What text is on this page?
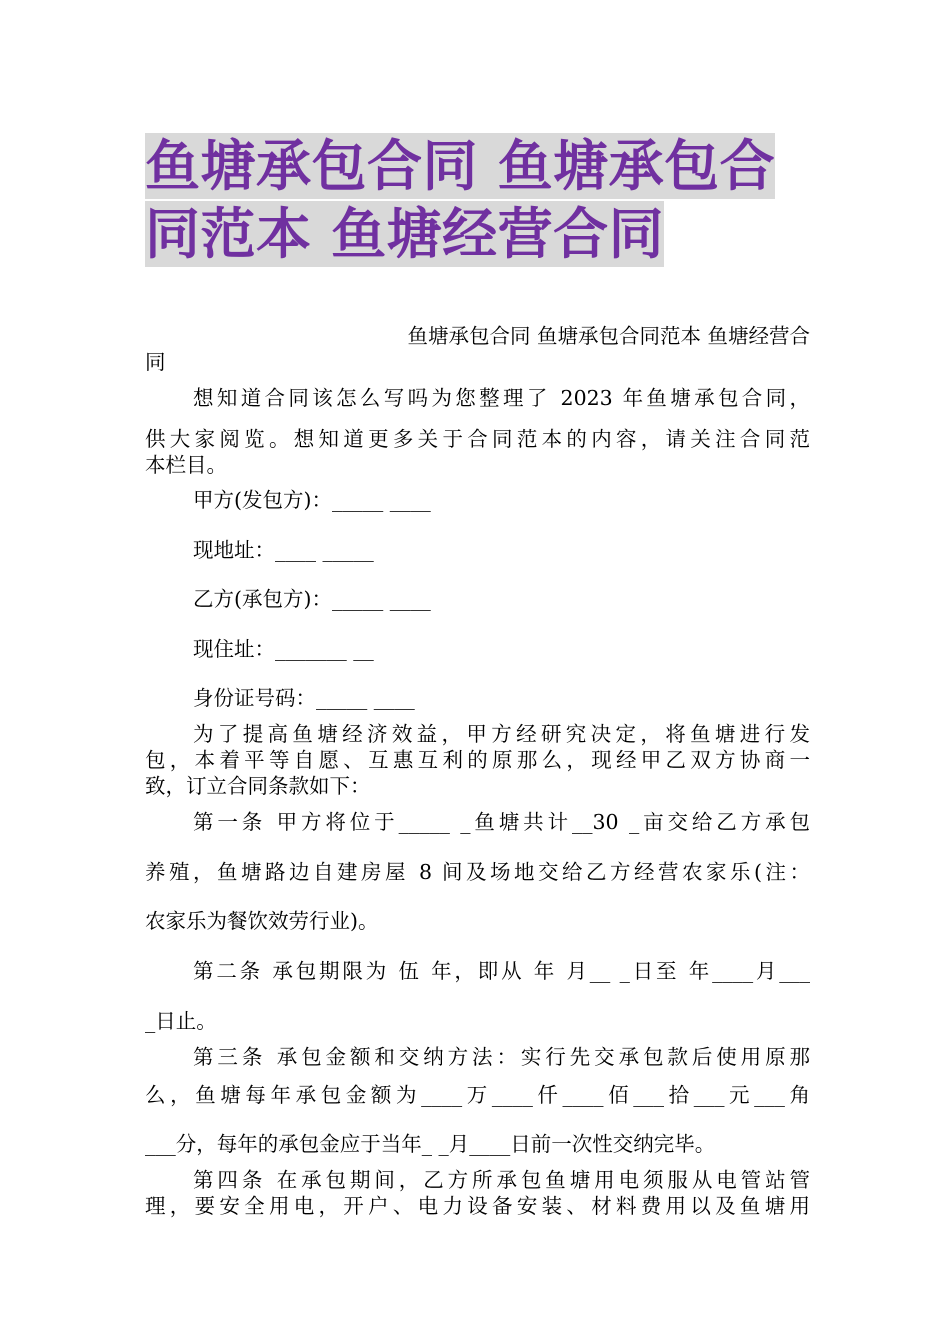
鱼塘承包合同 鱼塘承包合
同范本 鱼塘经营合同
鱼塘承包合同 鱼塘承包合同范本 鱼塘经营合
同
想知道合同该怎么写吗为您整理了 2023 年鱼塘承包合同，
供大家阅览。想知道更多关于合同范本的内容，请关注合同范
本栏目。
甲方(发包方)：_____ ____
现地址：____ _____
乙方(承包方)：_____ ____
现住址：_______ __
身份证号码：_____ ____
为了提高鱼塘经济效益，甲方经研究决定，将鱼塘进行发
包，本着平等自愿、互惠互利的原那么，现经甲乙双方协商一
致，订立合同条款如下：
第一条 甲方将位于_____ _鱼塘共计__30 _亩交给乙方承包
养殖，鱼塘路边自建房屋 8 间及场地交给乙方经营农家乐(注：
农家乐为餐饮效劳行业)。
第二条 承包期限为 伍 年，即从 年 月__ _日至 年____月___
_日止。
第三条 承包金额和交纳方法：实行先交承包款后使用原那
么，鱼塘每年承包金额为____万____仟____佰___拾___元___角
___分，每年的承包金应于当年_ _月____日前一次性交纳完毕。
第四条 在承包期间，乙方所承包鱼塘用电须服从电管站管
理，要安全用电，开户、电力设备安装、材料费用以及鱼塘用
